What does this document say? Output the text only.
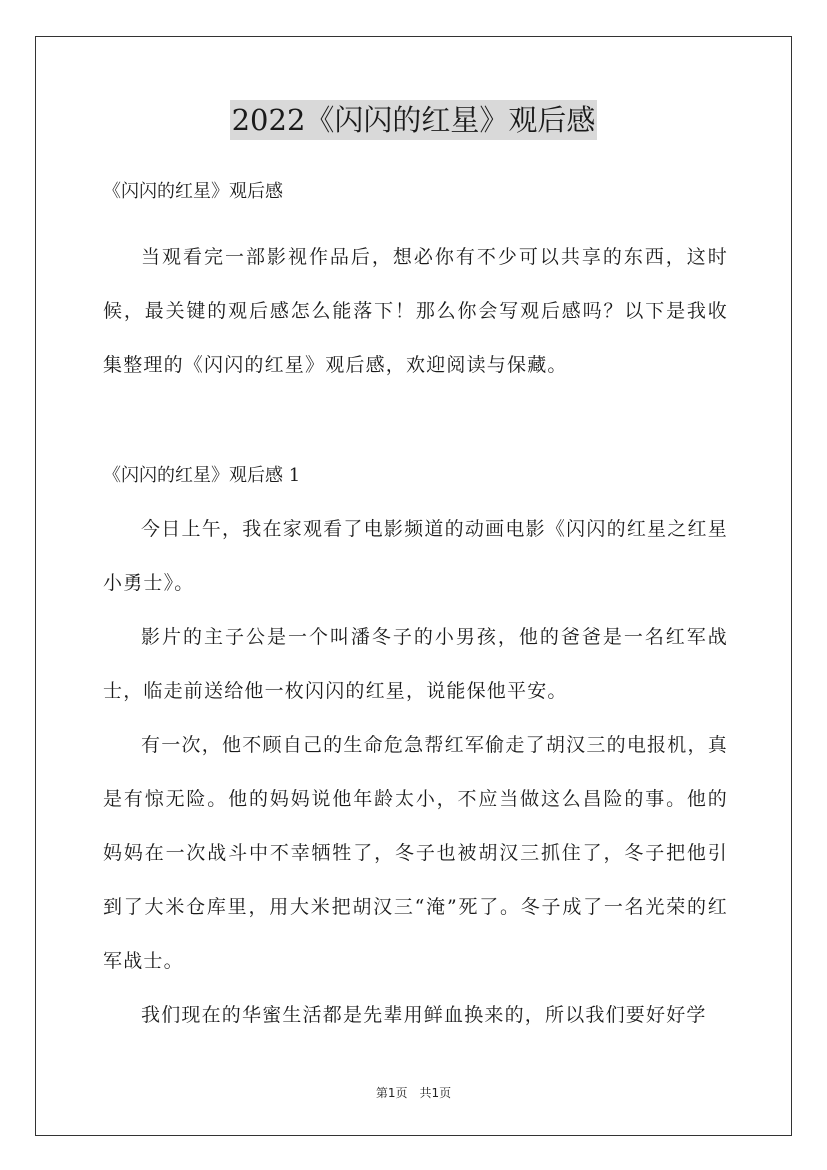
2022《闪闪的红星》观后感

《闪闪的红星》观后感

当观看完一部影视作品后，想必你有不少可以共享的东西，这时候，最关键的观后感怎么能落下！那么你会写观后感吗？以下是我收集整理的《闪闪的红星》观后感，欢迎阅读与保藏。

《闪闪的红星》观后感 1

今日上午，我在家观看了电影频道的动画电影《闪闪的红星之红星小勇士》。

影片的主子公是一个叫潘冬子的小男孩，他的爸爸是一名红军战士，临走前送给他一枚闪闪的红星，说能保他平安。

有一次，他不顾自己的生命危急帮红军偷走了胡汉三的电报机，真是有惊无险。他的妈妈说他年龄太小，不应当做这么昌险的事。他的妈妈在一次战斗中不幸牺牲了，冬子也被胡汉三抓住了，冬子把他引到了大米仓库里，用大米把胡汉三“淹”死了。冬子成了一名光荣的红军战士。

我们现在的华蜜生活都是先辈用鲜血换来的，所以我们要好好学

第1页　共1页
